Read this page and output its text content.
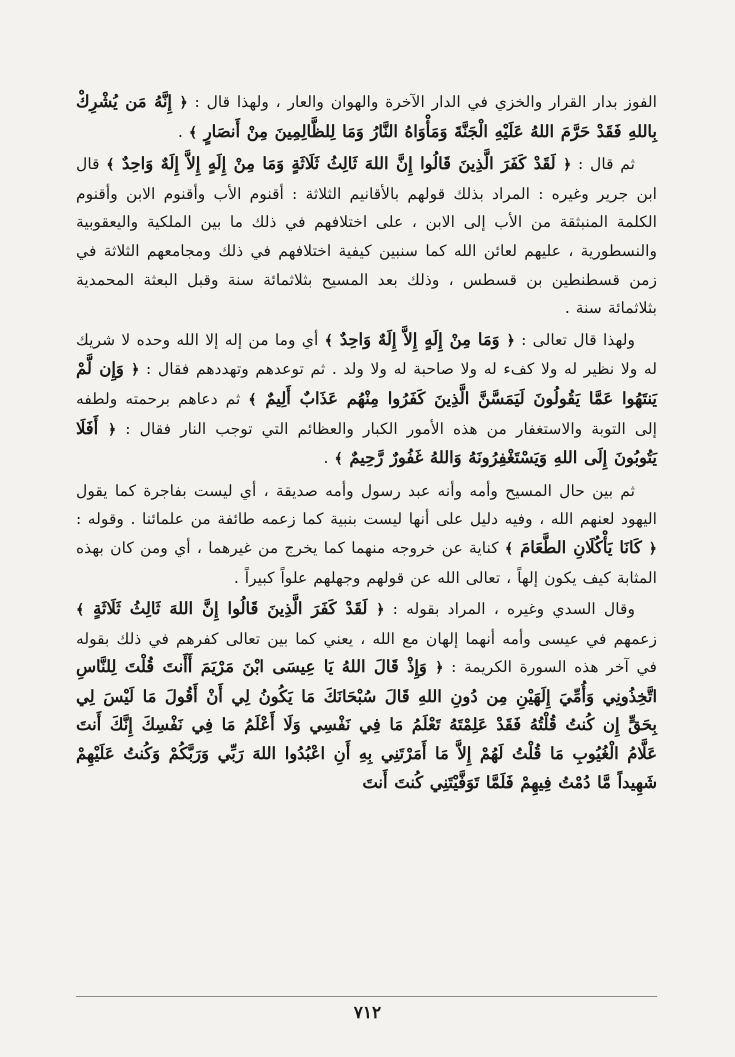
الفوز بدار القرار والخزي في الدار الآخرة والهوان والعار ، ولهذا قال : ﴿ إِنَّهُ مَن يُشْرِكْ بِاللهِ فَقَدْ حَرَّمَ اللهُ عَلَيْهِ الْجَنَّةَ وَمَأْوَاهُ النَّارُ وَمَا لِلظَّالِمِينَ مِنْ أَنصَارٍ ﴾ .

ثم قال : ﴿ لَقَدْ كَفَرَ الَّذِينَ قَالُوا إِنَّ اللهَ ثَالِثُ ثَلَاثَةٍ وَمَا مِنْ إِلَهٍ إِلاَّ إِلَهٌ وَاحِدٌ ﴾ قال ابن جرير وغيره : المراد بذلك قولهم بالأقانيم الثلاثة : أقنوم الأب وأقنوم الابن وأقنوم الكلمة المنبثقة من الأب إلى الابن ، على اختلافهم في ذلك ما بين الملكية واليعقوبية والنسطورية ، عليهم لعائن الله كما سنبين كيفية اختلافهم في ذلك ومجامعهم الثلاثة في زمن قسطنطين بن قسطس ، وذلك بعد المسيح بثلاثمائة سنة وقبل البعثة المحمدية بثلاثمائة سنة .

ولهذا قال تعالى : ﴿ وَمَا مِنْ إِلَهٍ إِلاَّ إِلَهٌ وَاحِدٌ ﴾ أي وما من إله إلا الله وحده لا شريك له ولا نظير له ولا كفء له ولا صاحبة له ولا ولد . ثم توعدهم وتهددهم فقال : ﴿ وَإِن لَّمْ يَنتَهُوا عَمَّا يَقُولُونَ لَيَمَسَّنَّ الَّذِينَ كَفَرُوا مِنْهُم عَذَابٌ أَلِيمٌ ﴾ ثم دعاهم برحمته ولطفه إلى التوبة والاستغفار من هذه الأمور الكبار والعظائم التي توجب النار فقال : ﴿ أَفَلَا يَتُوبُونَ إِلَى اللهِ وَيَسْتَغْفِرُونَهُ وَاللهُ غَفُورٌ رَّحِيمٌ ﴾ .

ثم بين حال المسيح وأمه وأنه عبد رسول وأمه صديقة ، أي ليست بفاجرة كما يقول اليهود لعنهم الله ، وفيه دليل على أنها ليست بنبية كما زعمه طائفة من علمائنا . وقوله : ﴿ كَانَا يَأْكُلَانِ الطَّعَامَ ﴾ كناية عن خروجه منهما كما يخرج من غيرهما ، أي ومن كان بهذه المثابة كيف يكون إلهاً ، تعالى الله عن قولهم وجهلهم علواً كبيراً .

وقال السدي وغيره ، المراد بقوله : ﴿ لَقَدْ كَفَرَ الَّذِينَ قَالُوا إِنَّ اللهَ ثَالِثُ ثَلَاثَةٍ ﴾ زعمهم في عيسى وأمه أنهما إلهان مع الله ، يعني كما بين تعالى كفرهم في ذلك بقوله في آخر هذه السورة الكريمة : ﴿ وَإِذْ قَالَ اللهُ يَا عِيسَى ابْنَ مَرْيَمَ أَأَنتَ قُلْتَ لِلنَّاسِ اتَّخِذُونِي وَأُمِّيَ إِلَهَيْنِ مِن دُونِ اللهِ قَالَ سُبْحَانَكَ مَا يَكُونُ لِي أَنْ أَقُولَ مَا لَيْسَ لِي بِحَقٍّ إِن كُنتُ قُلْتُهُ فَقَدْ عَلِمْتَهُ تَعْلَمُ مَا فِي نَفْسِي وَلَا أَعْلَمُ مَا فِي نَفْسِكَ إِنَّكَ أَنتَ عَلَّامُ الْغُيُوبِ مَا قُلْتُ لَهُمْ إِلاَّ مَا أَمَرْتَنِي بِهِ أَنِ اعْبُدُوا اللهَ رَبِّي وَرَبَّكُمْ وَكُنتُ عَلَيْهِمْ شَهِيداً مَّا دُمْتُ فِيهِمْ فَلَمَّا تَوَفَّيْتَنِي كُنتَ أَنتَ

٧١٢
